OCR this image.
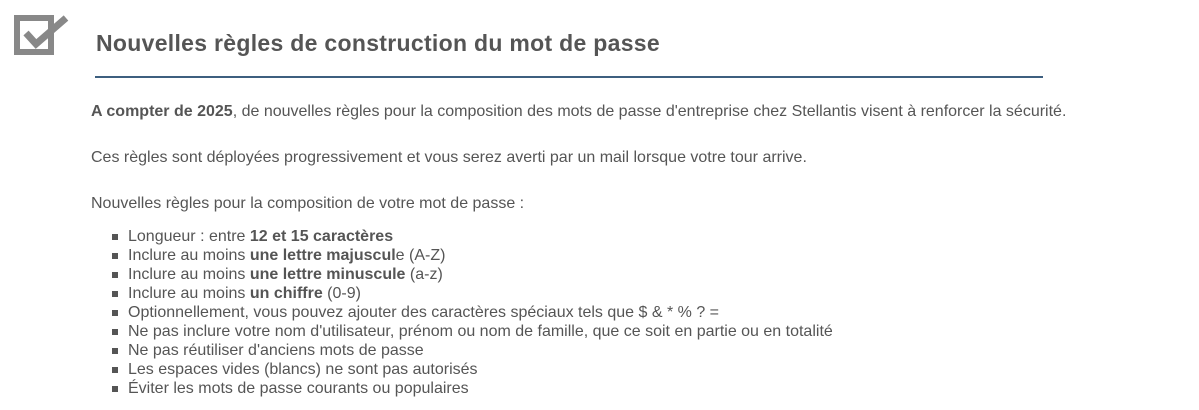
Nouvelles règles de construction du mot de passe

A compter de 2025, de nouvelles règles pour la composition des mots de passe d'entreprise chez Stellantis visent à renforcer la sécurité.

Ces règles sont déployées progressivement et vous serez averti par un mail lorsque votre tour arrive.

Nouvelles règles pour la composition de votre mot de passe :

Longueur : entre 12 et 15 caractères
Inclure au moins une lettre majuscule (A-Z)
Inclure au moins une lettre minuscule (a-z)
Inclure au moins un chiffre (0-9)
Optionnellement, vous pouvez ajouter des caractères spéciaux tels que $ & * % ? =
Ne pas inclure votre nom d'utilisateur, prénom ou nom de famille, que ce soit en partie ou en totalité
Ne pas réutiliser d'anciens mots de passe
Les espaces vides (blancs) ne sont pas autorisés
Éviter les mots de passe courants ou populaires
